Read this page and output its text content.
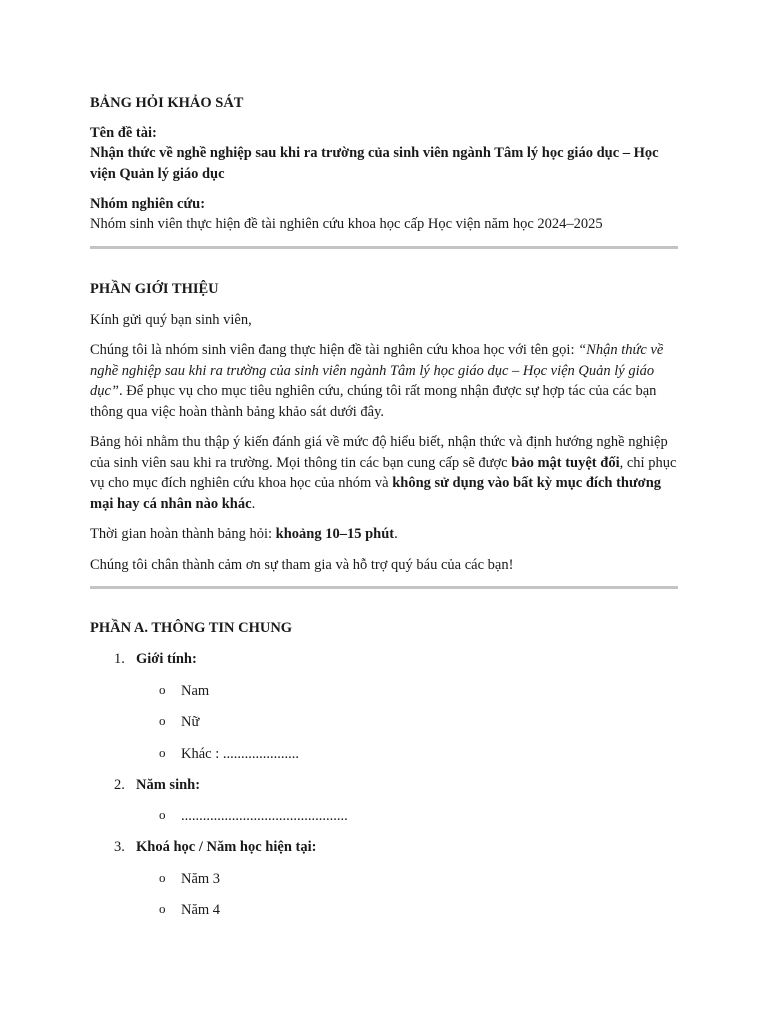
BẢNG HỎI KHẢO SÁT

Tên đề tài:

Nhận thức về nghề nghiệp sau khi ra trường của sinh viên ngành Tâm lý học giáo dục – Học viện Quản lý giáo dục

Nhóm nghiên cứu:

Nhóm sinh viên thực hiện đề tài nghiên cứu khoa học cấp Học viện năm học 2024–2025

PHẦN GIỚI THIỆU

Kính gửi quý bạn sinh viên,

Chúng tôi là nhóm sinh viên đang thực hiện đề tài nghiên cứu khoa học với tên gọi: “Nhận thức về nghề nghiệp sau khi ra trường của sinh viên ngành Tâm lý học giáo dục – Học viện Quản lý giáo dục”. Để phục vụ cho mục tiêu nghiên cứu, chúng tôi rất mong nhận được sự hợp tác của các bạn thông qua việc hoàn thành bảng khảo sát dưới đây.

Bảng hỏi nhằm thu thập ý kiến đánh giá về mức độ hiểu biết, nhận thức và định hướng nghề nghiệp của sinh viên sau khi ra trường. Mọi thông tin các bạn cung cấp sẽ được bảo mật tuyệt đối, chỉ phục vụ cho mục đích nghiên cứu khoa học của nhóm và không sử dụng vào bất kỳ mục đích thương mại hay cá nhân nào khác.

Thời gian hoàn thành bảng hỏi: khoảng 10–15 phút.

Chúng tôi chân thành cảm ơn sự tham gia và hỗ trợ quý báu của các bạn!

PHẦN A. THÔNG TIN CHUNG

1. Giới tính:
o Nam
o Nữ
o Khác : .....................
2. Năm sinh:
o ..............................................
3. Khoá học / Năm học hiện tại:
o Năm 3
o Năm 4
